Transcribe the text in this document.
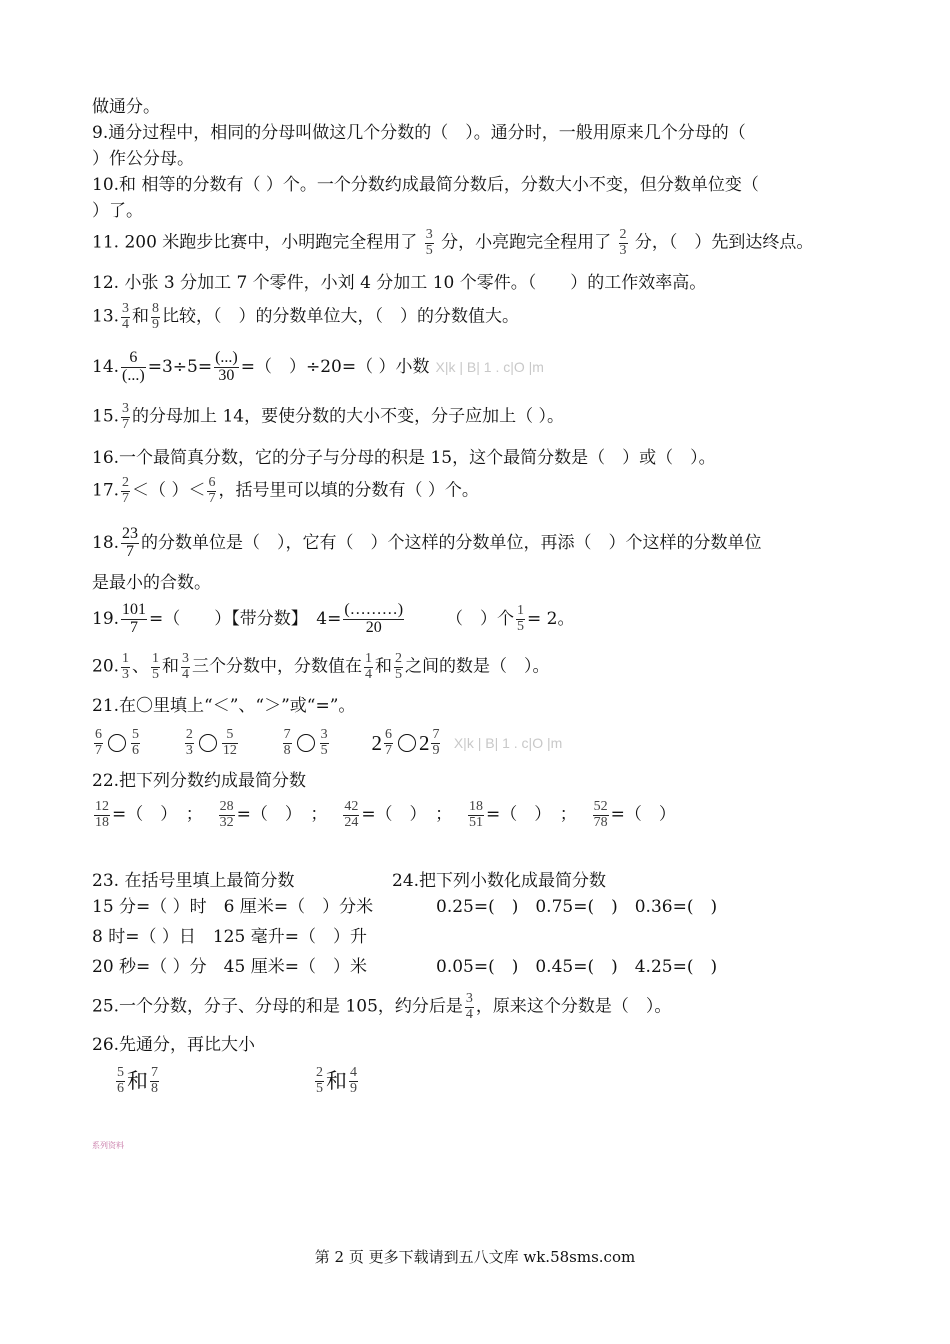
做通分。
9.通分过程中，相同的分母叫做这几个分数的（　）。通分时，一般用原来几个分母的（
）作公分母。
10.和 相等的分数有（ ）个。一个分数约成最简分数后，分数大小不变，但分数单位变（
）了。
11. 200 米跑步比赛中，小明跑完全程用了 $\frac{3}{5}$ 分，小亮跑完全程用了 $\frac{2}{3}$ 分，（　）先到达终点。
12. 小张 3 分加工 7 个零件，小刘 4 分加工 10 个零件。（　　）的工作效率高。
13. $\frac{3}{4}$ 和 $\frac{8}{9}$ 比较，（　）的分数单位大，（　）的分数值大。
14. 6
(...) =3÷5= (...)
30 =（　）÷20=（ ）小数 X|k | B| 1 . c|O |m
15. $\frac{3}{7}$ 的分母加上 14，要使分数的大小不变，分子应加上（ ）。
16.一个最简真分数，它的分子与分母的积是 15，这个最简分数是（　）或（　）。
17. $\frac{2}{7}$ ＜（ ）＜ $\frac{6}{7}$ ，括号里可以填的分数有（ ）个。
18. $\frac{23}{7}$ 的分数单位是（　），它有（　）个这样的分数单位，再添（　）个这样的分数单位
是最小的合数。
19. $\frac{101}{7}$ =（　　）【带分数】　4= (………)
20	（　）个 $\frac{1}{5} = 2$。
20. $\frac{1}{3}$ 、 $\frac{1}{5}$ 和 $\frac{3}{4}$ 三个分数中，分数值在 $\frac{1}{4}$ 和 $\frac{2}{5}$ 之间的数是（　）。
21.在〇里填上“＜”、“＞”或“=”。
$\frac{6}{7} \frac{5}{6}$
	$\frac{2}{3} \frac{5}{12}$
	$\frac{7}{8} \frac{3}{5} 2 \frac{6}{7} 2 \frac{7}{9} X|k$ | B| 1 . c|O |m
22.把下列分数约成最简分数
$\frac{12}{18}$ =（　）　 ；　 $\frac{28}{32}$ =（　）　 ；　 $\frac{42}{24}$ =（　）　 ；　 $\frac{18}{51}$ =（　）　 ；　 $\frac{52}{78}$ =（　）
23. 在括号里填上最简分数	24.把下列小数化成最简分数
15 分=（ ）时　6 厘米=（　）分米	0.25=(　)　0.75=(　)　0.36=(　)
8 时=（ ）日　125 毫升=（　）升
20 秒=（ ）分　45 厘米=（　）米	0.05=(　)　0.45=(　)　4.25=(　)
25.一个分数，分子、分母的和是 105，约分后是 $\frac{3}{4}$ ，原来这个分数是（　）。
26.先通分，再比大小
$\frac{5}{6}$ 和 $\frac{7}{8}$	$\frac{2}{5}$ 和 $\frac{4}{9}$
系列资料
第 2 页 更多下载请到五八文库 wk.58sms.com
